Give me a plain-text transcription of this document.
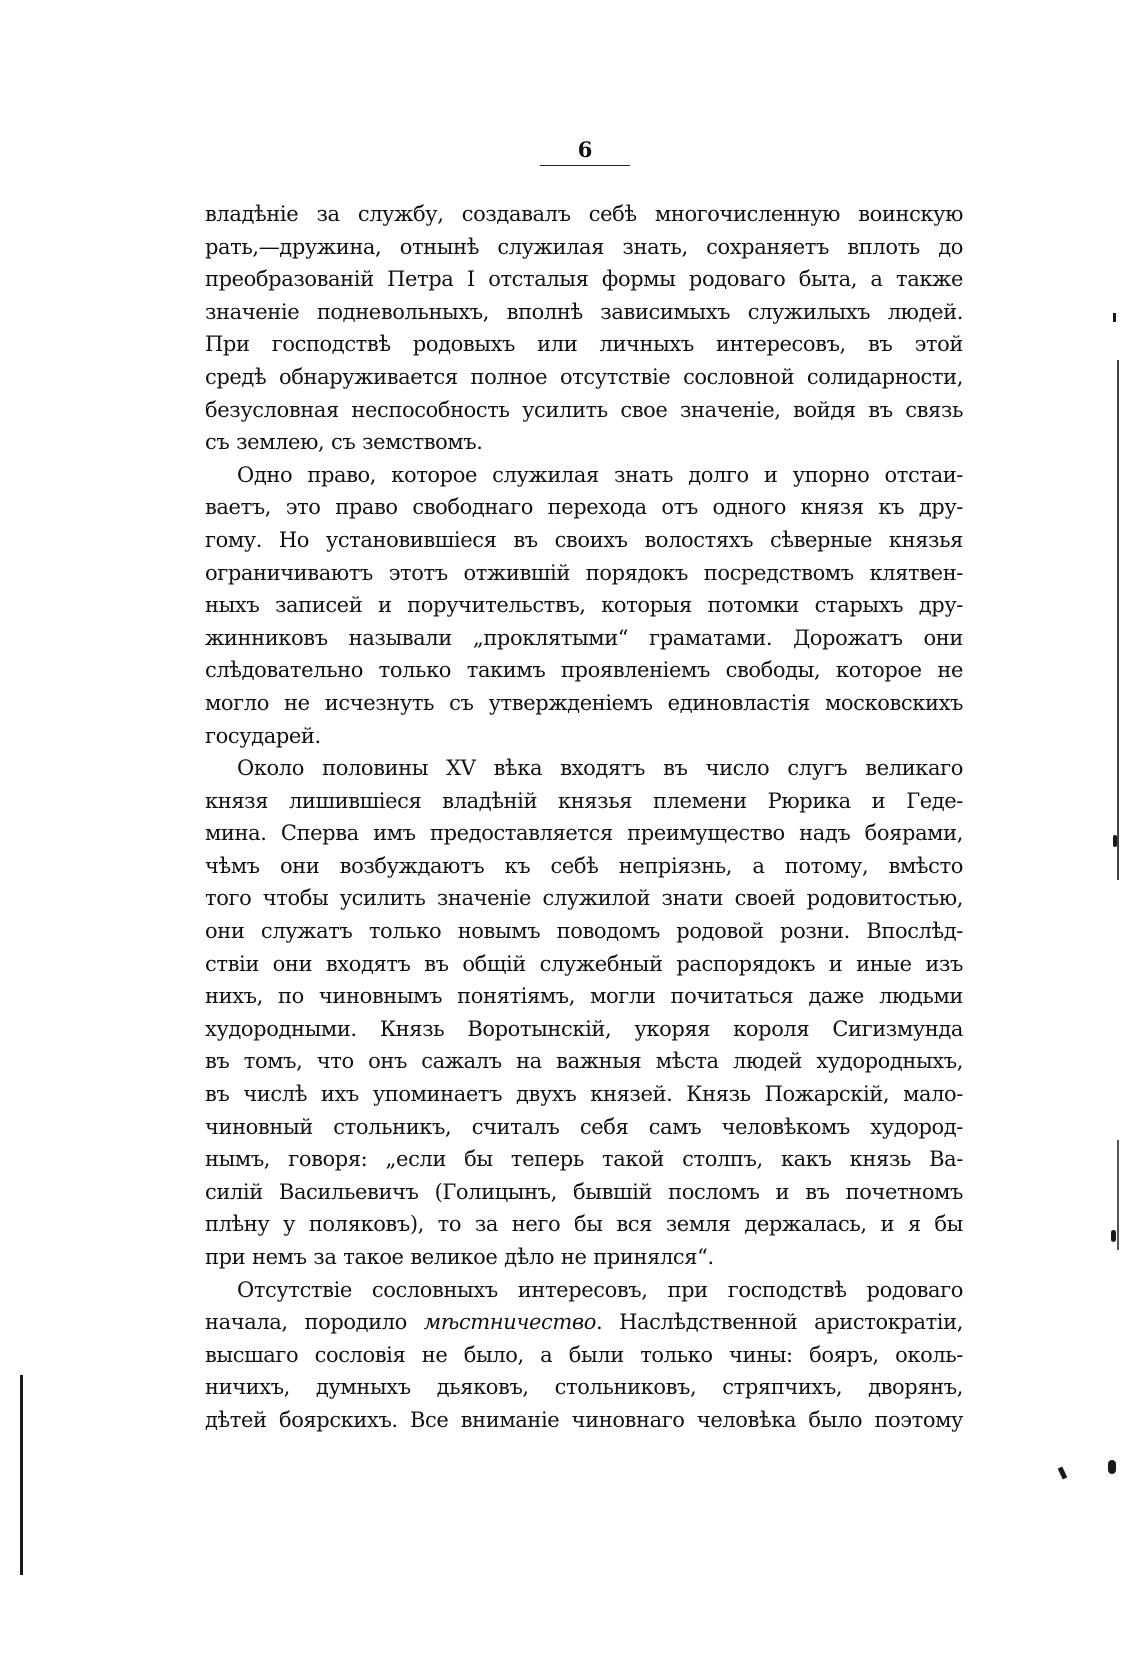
6

владѣніе за службу, создавалъ себѣ многочисленную воинскую
рать,—дружина, отнынѣ служилая знать, сохраняетъ вплоть до
преобразованій Петра I отсталыя формы родоваго быта, а также
значеніе подневольныхъ, вполнѣ зависимыхъ служилыхъ людей.
При господствѣ родовыхъ или личныхъ интересовъ, въ этой
средѣ обнаруживается полное отсутствіе сословной солидарности,
безусловная неспособность усилить свое значеніе, войдя въ связь
съ землею, съ земствомъ.

Одно право, которое служилая знать долго и упорно отстаи-
ваетъ, это право свободнаго перехода отъ одного князя къ дру-
гому. Но установившіеся въ своихъ волостяхъ сѣверные князья
ограничиваютъ этотъ отжившій порядокъ посредствомъ клятвен-
ныхъ записей и поручительствъ, которыя потомки старыхъ дру-
жинниковъ называли „проклятыми“ граматами. Дорожатъ они
слѣдовательно только такимъ проявленіемъ свободы, которое не
могло не исчезнуть съ утвержденіемъ единовластія московскихъ
государей.

Около половины XV вѣка входятъ въ число слугъ великаго
князя лишившіеся владѣній князья племени Рюрика и Геде-
мина. Сперва имъ предоставляется преимущество надъ боярами,
чѣмъ они возбуждаютъ къ себѣ непріязнь, а потому, вмѣсто
того чтобы усилить значеніе служилой знати своей родовитостью,
они служатъ только новымъ поводомъ родовой розни. Впослѣд-
ствіи они входятъ въ общій служебный распорядокъ и иные изъ
нихъ, по чиновнымъ понятіямъ, могли почитаться даже людьми
худородными. Князь Воротынскій, укоряя короля Сигизмунда
въ томъ, что онъ сажалъ на важныя мѣста людей худородныхъ,
въ числѣ ихъ упоминаетъ двухъ князей. Князь Пожарскій, мало-
чиновный стольникъ, считалъ себя самъ человѣкомъ худород-
нымъ, говоря: „если бы теперь такой столпъ, какъ князь Ва-
силій Васильевичъ (Голицынъ, бывшій посломъ и въ почетномъ
плѣну у поляковъ), то за него бы вся земля держалась, и я бы
при немъ за такое великое дѣло не принялся“.

Отсутствіе сословныхъ интересовъ, при господствѣ родоваго
начала, породило мѣстничество. Наслѣдственной аристократіи,
высшаго сословія не было, а были только чины: бояръ, околь-
ничихъ, думныхъ дьяковъ, стольниковъ, стряпчихъ, дворянъ,
дѣтей боярскихъ. Все вниманіе чиновнаго человѣка было поэтому
